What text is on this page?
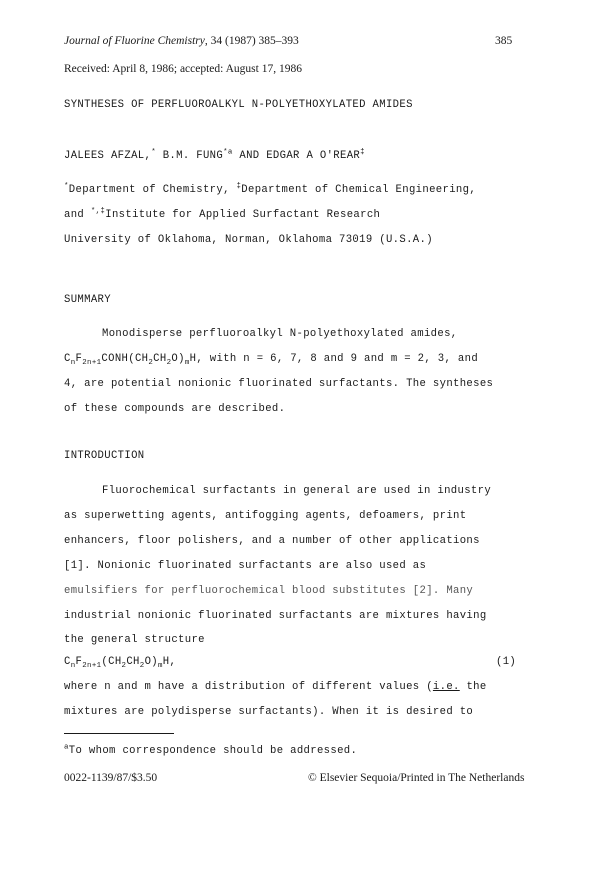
Journal of Fluorine Chemistry, 34 (1987) 385–393	385
Received: April 8, 1986; accepted: August 17, 1986
SYNTHESES OF PERFLUOROALKYL N-POLYETHOXYLATED AMIDES
JALEES AFZAL,* B.M. FUNG$^{*a}$ AND EDGAR A O'REAR‡
*Department of Chemistry, ‡Department of Chemical Engineering,
and *,‡Institute for Applied Surfactant Research
University of Oklahoma, Norman, Oklahoma 73019 (U.S.A.)
SUMMARY
Monodisperse perfluoroalkyl N-polyethoxylated amides,
$C_nF_{2n+1}CONH(CH_2CH_2O)_mH$, with n = 6, 7, 8 and 9 and m = 2, 3, and
4, are potential nonionic fluorinated surfactants. The syntheses
of these compounds are described.
INTRODUCTION
Fluorochemical surfactants in general are used in industry
as superwetting agents, antifogging agents, defoamers, print
enhancers, floor polishers, and a number of other applications
[1]. Nonionic fluorinated surfactants are also used as
emulsifiers for perfluorochemical blood substitutes [2]. Many
industrial nonionic fluorinated surfactants are mixtures having
the general structure
$C_nF_{2n+1}(CH_2CH_2O)_mH$,	(1)
where n and m have a distribution of different values (i.e. the
mixtures are polydisperse surfactants). When it is desired to
$^a$To whom correspondence should be addressed.
0022-1139/87/$3.50	© Elsevier Sequoia/Printed in The Netherlands
